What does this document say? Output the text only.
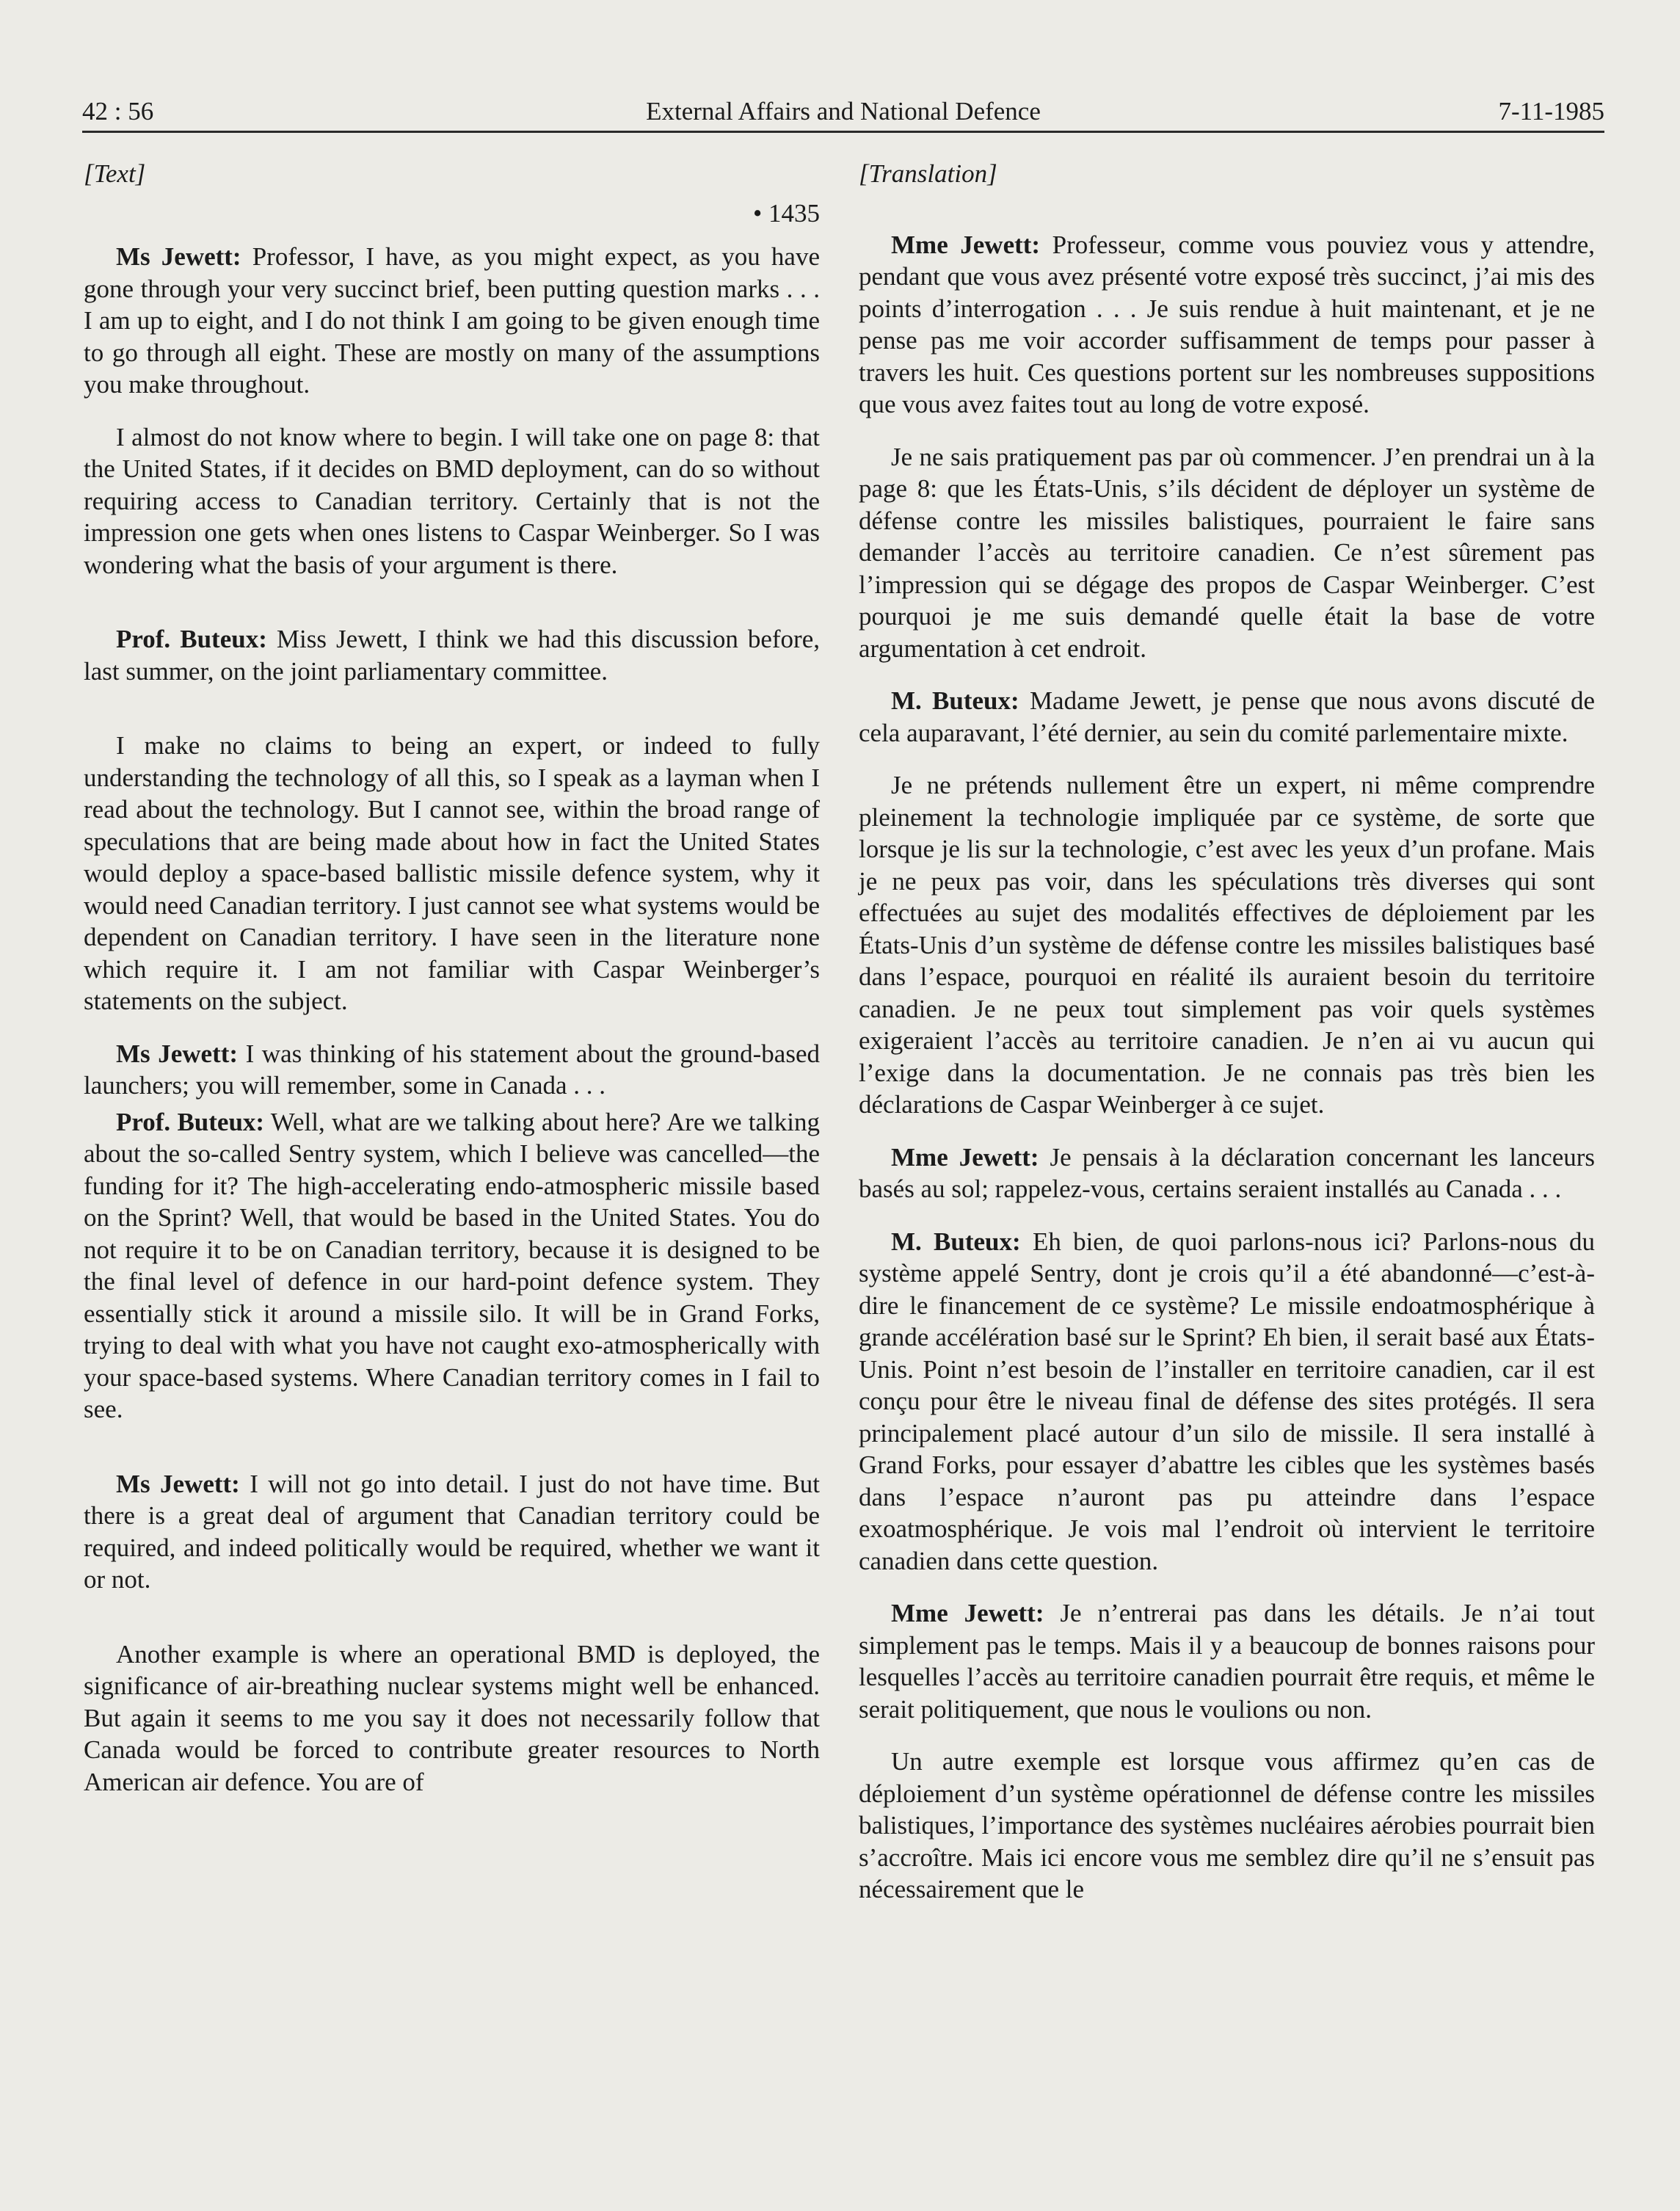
42 : 56	External Affairs and National Defence	7-11-1985
[Text]
• 1435

Ms Jewett: Professor, I have, as you might expect, as you have gone through your very succinct brief, been putting question marks . . . I am up to eight, and I do not think I am going to be given enough time to go through all eight. These are mostly on many of the assumptions you make throughout.

I almost do not know where to begin. I will take one on page 8: that the United States, if it decides on BMD deployment, can do so without requiring access to Canadian territory. Certainly that is not the impression one gets when ones listens to Caspar Weinberger. So I was wondering what the basis of your argument is there.

Prof. Buteux: Miss Jewett, I think we had this discussion before, last summer, on the joint parliamentary committee.

I make no claims to being an expert, or indeed to fully understanding the technology of all this, so I speak as a layman when I read about the technology. But I cannot see, within the broad range of speculations that are being made about how in fact the United States would deploy a space-based ballistic missile defence system, why it would need Canadian territory. I just cannot see what systems would be dependent on Canadian territory. I have seen in the literature none which require it. I am not familiar with Caspar Weinberger’s statements on the subject.

Ms Jewett: I was thinking of his statement about the ground-based launchers; you will remember, some in Canada . . .

Prof. Buteux: Well, what are we talking about here? Are we talking about the so-called Sentry system, which I believe was cancelled—the funding for it? The high-accelerating endo-atmospheric missile based on the Sprint? Well, that would be based in the United States. You do not require it to be on Canadian territory, because it is designed to be the final level of defence in our hard-point defence system. They essentially stick it around a missile silo. It will be in Grand Forks, trying to deal with what you have not caught exo-atmospherically with your space-based systems. Where Canadian territory comes in I fail to see.

Ms Jewett: I will not go into detail. I just do not have time. But there is a great deal of argument that Canadian territory could be required, and indeed politically would be required, whether we want it or not.

Another example is where an operational BMD is deployed, the significance of air-breathing nuclear systems might well be enhanced. But again it seems to me you say it does not necessarily follow that Canada would be forced to contribute greater resources to North American air defence. You are of

[Translation]

Mme Jewett: Professeur, comme vous pouviez vous y attendre, pendant que vous avez présenté votre exposé très succinct, j’ai mis des points d’interrogation . . . Je suis rendue à huit maintenant, et je ne pense pas me voir accorder suffisamment de temps pour passer à travers les huit. Ces questions portent sur les nombreuses suppositions que vous avez faites tout au long de votre exposé.

Je ne sais pratiquement pas par où commencer. J’en prendrai un à la page 8: que les États-Unis, s’ils décident de déployer un système de défense contre les missiles balistiques, pourraient le faire sans demander l’accès au territoire canadien. Ce n’est sûrement pas l’impression qui se dégage des propos de Caspar Weinberger. C’est pourquoi je me suis demandé quelle était la base de votre argumentation à cet endroit.

M. Buteux: Madame Jewett, je pense que nous avons discuté de cela auparavant, l’été dernier, au sein du comité parlementaire mixte.

Je ne prétends nullement être un expert, ni même comprendre pleinement la technologie impliquée par ce système, de sorte que lorsque je lis sur la technologie, c’est avec les yeux d’un profane. Mais je ne peux pas voir, dans les spéculations très diverses qui sont effectuées au sujet des modalités effectives de déploiement par les États-Unis d’un système de défense contre les missiles balistiques basé dans l’espace, pourquoi en réalité ils auraient besoin du territoire canadien. Je ne peux tout simplement pas voir quels systèmes exigeraient l’accès au territoire canadien. Je n’en ai vu aucun qui l’exige dans la documentation. Je ne connais pas très bien les déclarations de Caspar Weinberger à ce sujet.

Mme Jewett: Je pensais à la déclaration concernant les lanceurs basés au sol; rappelez-vous, certains seraient installés au Canada . . .

M. Buteux: Eh bien, de quoi parlons-nous ici? Parlons-nous du système appelé Sentry, dont je crois qu’il a été abandonné—c’est-à-dire le financement de ce système? Le missile endoatmosphérique à grande accélération basé sur le Sprint? Eh bien, il serait basé aux États-Unis. Point n’est besoin de l’installer en territoire canadien, car il est conçu pour être le niveau final de défense des sites protégés. Il sera principalement placé autour d’un silo de missile. Il sera installé à Grand Forks, pour essayer d’abattre les cibles que les systèmes basés dans l’espace n’auront pas pu atteindre dans l’espace exoatmosphérique. Je vois mal l’endroit où intervient le territoire canadien dans cette question.

Mme Jewett: Je n’entrerai pas dans les détails. Je n’ai tout simplement pas le temps. Mais il y a beaucoup de bonnes raisons pour lesquelles l’accès au territoire canadien pourrait être requis, et même le serait politiquement, que nous le voulions ou non.

Un autre exemple est lorsque vous affirmez qu’en cas de déploiement d’un système opérationnel de défense contre les missiles balistiques, l’importance des systèmes nucléaires aérobies pourrait bien s’accroître. Mais ici encore vous me semblez dire qu’il ne s’ensuit pas nécessairement que le
